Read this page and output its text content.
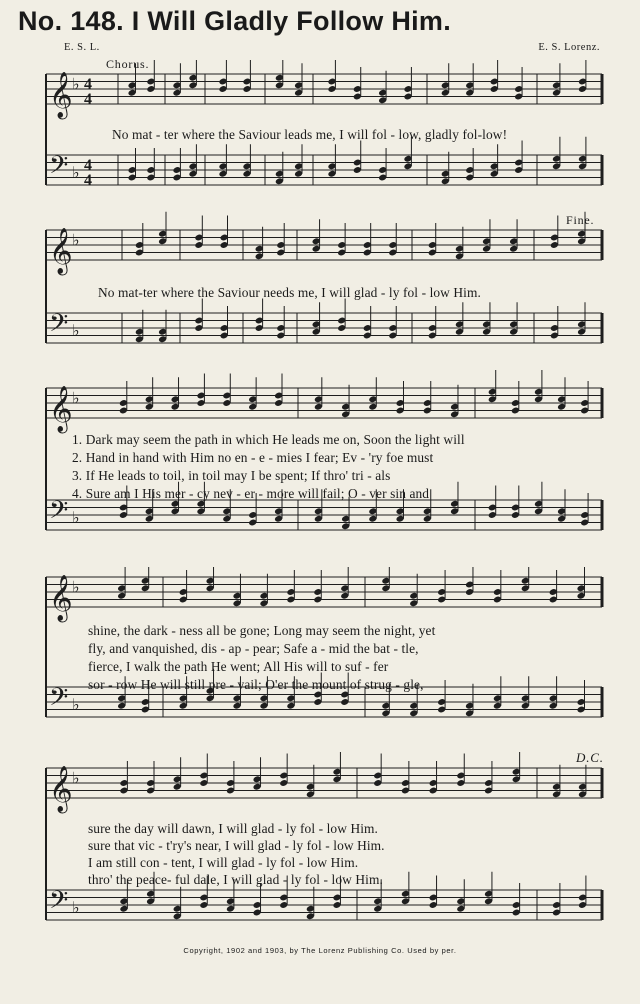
No. 148. I Will Gladly Follow Him.
E. S. L.	E. S. Lorenz.
Chorus.
𝄞 ♭ 4
4
𝄢 ♭ 4
4
No mat - ter where the Saviour leads me, I will fol - low, gladly fol-low!
Fine.
𝄞 ♭
𝄢 ♭
No mat-ter where the Saviour needs me, I will glad - ly fol - low Him.
𝄞 ♭
𝄢 ♭
1. Dark may seem the path in which He leads me on, Soon the light will
2. Hand in hand with Him no en - e - mies I fear; Ev - 'ry foe must
3. If He leads to toil, in toil may I be spent; If thro' tri - als
4. Sure am I His mer - cy nev - er - more will fail; O - ver sin and
𝄞 ♭
𝄢 ♭
shine, the dark - ness all be gone; Long may seem the night, yet
fly, and vanquished, dis - ap - pear; Safe a - mid the bat - tle,
fierce, I walk the path He went; All His will to suf - fer
sor - row He will still pre - vail; O'er the mount of strug - gle,
D.C.
𝄞 ♭
𝄢 ♭
sure the day will dawn, I will glad - ly fol - low Him.
sure that vic - t'ry's near, I will glad - ly fol - low Him.
I am still con - tent, I will glad - ly fol - low Him.
thro' the peace- ful dale, I will glad - ly fol - low Him.
Copyright, 1902 and 1903, by The Lorenz Publishing Co. Used by per.
